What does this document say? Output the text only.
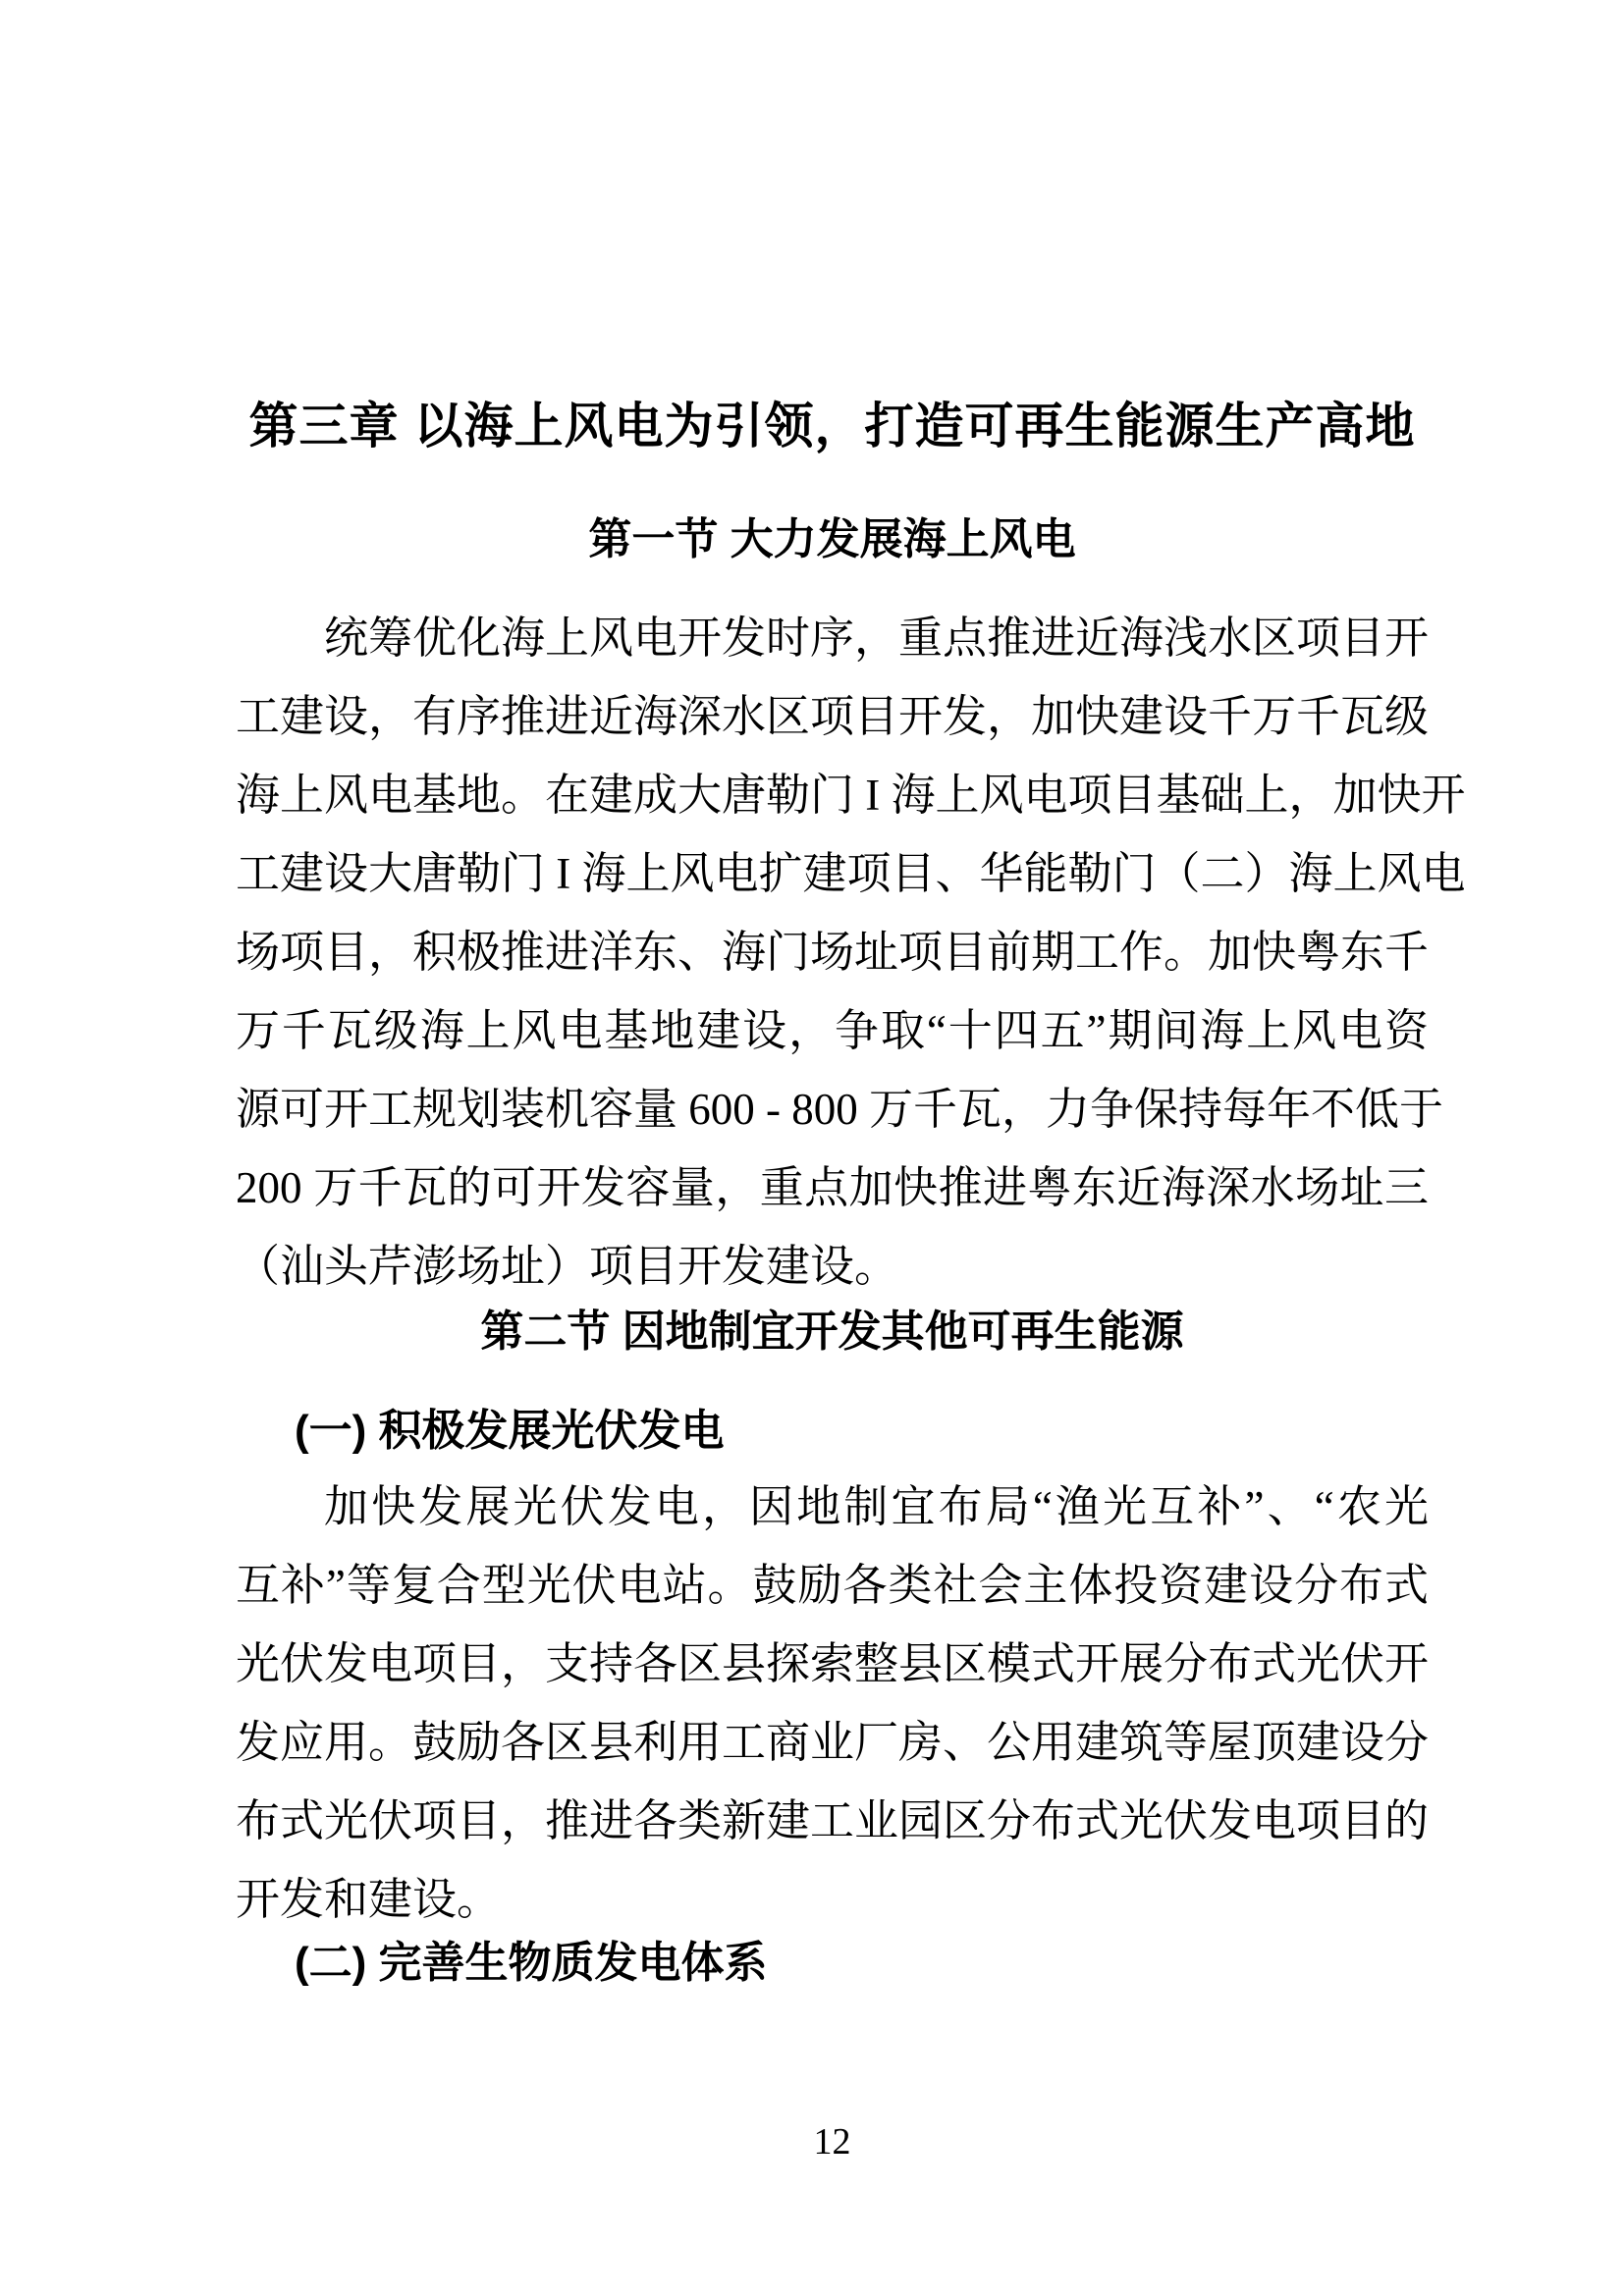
第三章 以海上风电为引领，打造可再生能源生产高地
第一节 大力发展海上风电
统筹优化海上风电开发时序，重点推进近海浅水区项目开
工建设，有序推进近海深水区项目开发，加快建设千万千瓦级
海上风电基地。在建成大唐勒门 I 海上风电项目基础上，加快开
工建设大唐勒门 I 海上风电扩建项目、华能勒门（二）海上风电
场项目，积极推进洋东、海门场址项目前期工作。加快粤东千
万千瓦级海上风电基地建设，争取“十四五”期间海上风电资
源可开工规划装机容量 600 - 800 万千瓦，力争保持每年不低于
200 万千瓦的可开发容量，重点加快推进粤东近海深水场址三
（汕头芹澎场址）项目开发建设。
第二节 因地制宜开发其他可再生能源
(一) 积极发展光伏发电
加快发展光伏发电，因地制宜布局“渔光互补”、“农光
互补”等复合型光伏电站。鼓励各类社会主体投资建设分布式
光伏发电项目，支持各区县探索整县区模式开展分布式光伏开
发应用。鼓励各区县利用工商业厂房、公用建筑等屋顶建设分
布式光伏项目，推进各类新建工业园区分布式光伏发电项目的
开发和建设。
(二) 完善生物质发电体系
12
